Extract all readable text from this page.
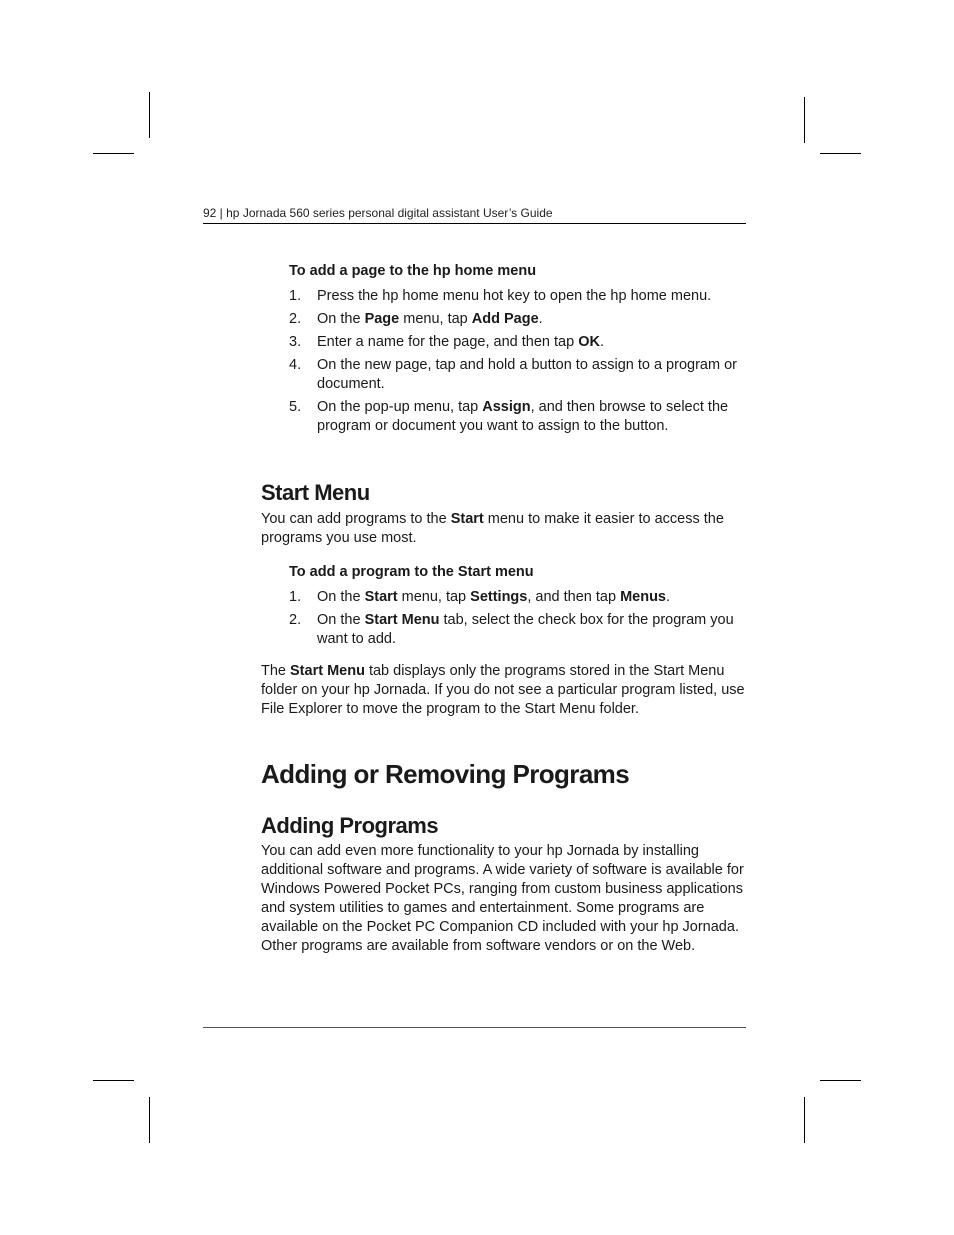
92 | hp Jornada 560 series personal digital assistant User’s Guide
To add a page to the hp home menu
1. Press the hp home menu hot key to open the hp home menu.
2. On the Page menu, tap Add Page.
3. Enter a name for the page, and then tap OK.
4. On the new page, tap and hold a button to assign to a program or document.
5. On the pop-up menu, tap Assign, and then browse to select the program or document you want to assign to the button.
Start Menu

You can add programs to the Start menu to make it easier to access the programs you use most.

To add a program to the Start menu
1. On the Start menu, tap Settings, and then tap Menus.
2. On the Start Menu tab, select the check box for the program you want to add.

The Start Menu tab displays only the programs stored in the Start Menu folder on your hp Jornada. If you do not see a particular program listed, use File Explorer to move the program to the Start Menu folder.

Adding or Removing Programs
Adding Programs

You can add even more functionality to your hp Jornada by installing additional software and programs. A wide variety of software is available for Windows Powered Pocket PCs, ranging from custom business applications and system utilities to games and entertainment. Some programs are available on the Pocket PC Companion CD included with your hp Jornada. Other programs are available from software vendors or on the Web.
